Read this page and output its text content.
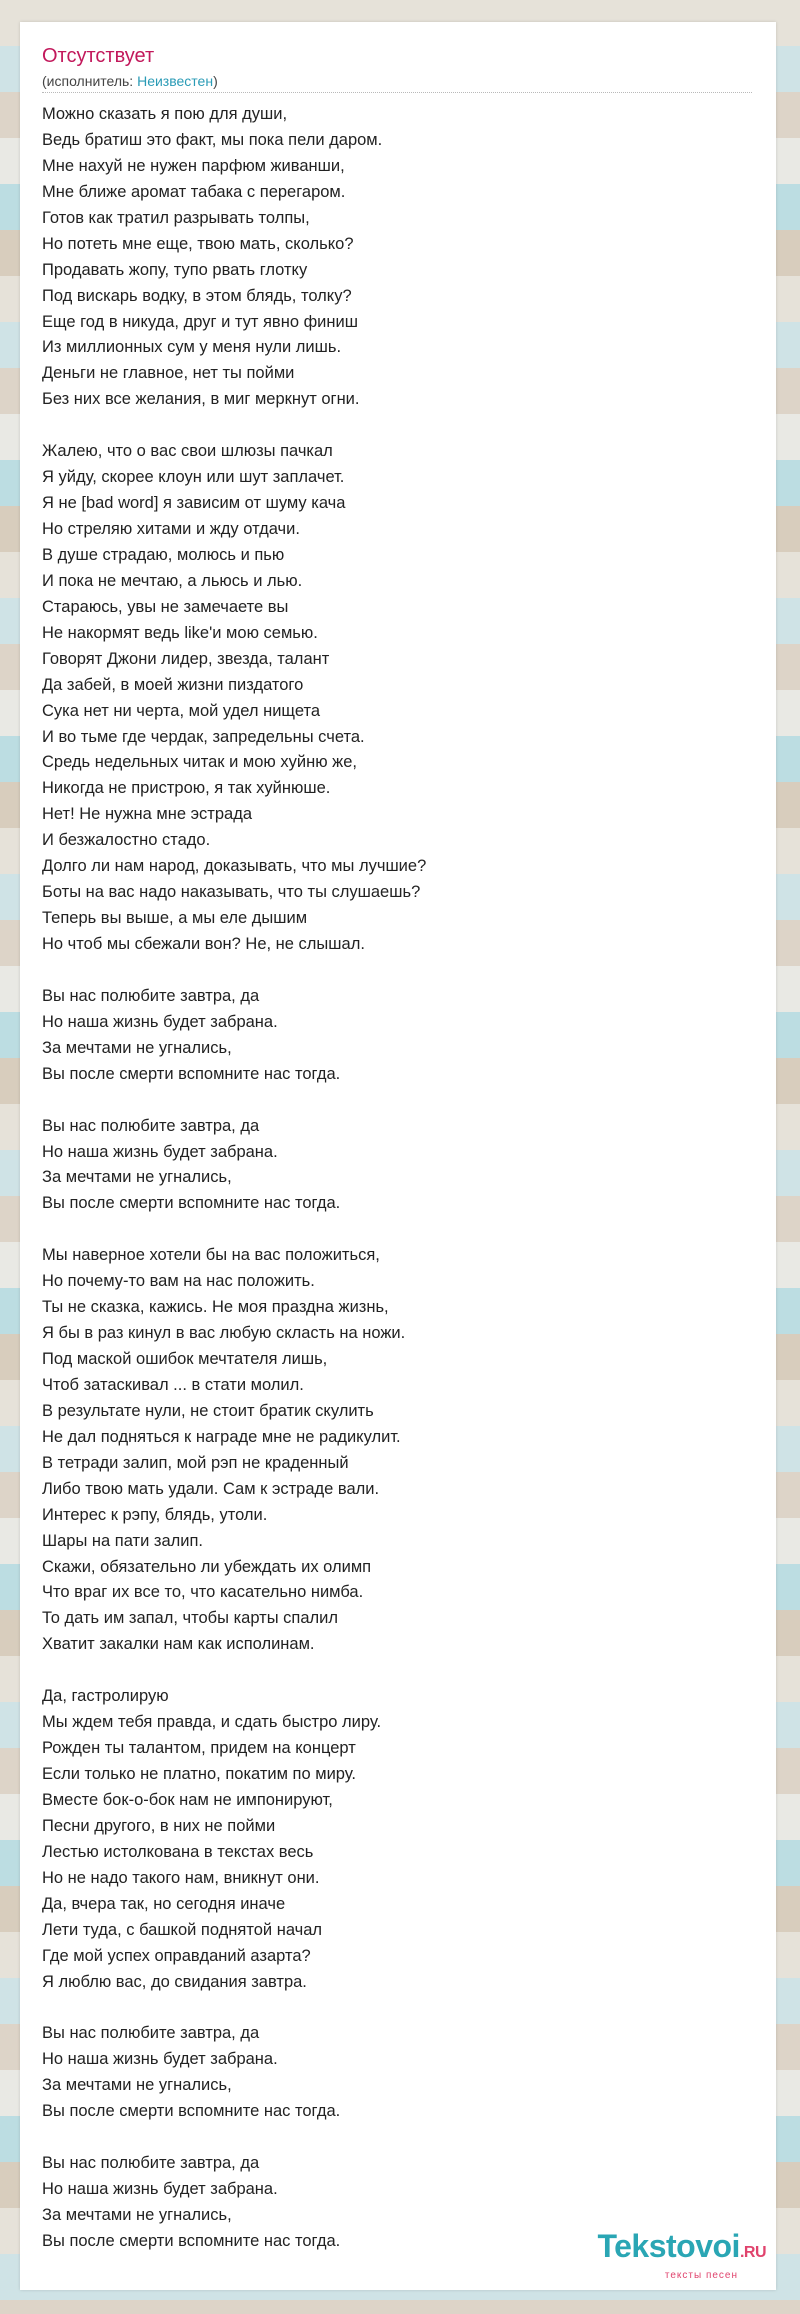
Отсутствует
(исполнитель: Неизвестен)
Можно сказать я пою для души,
Ведь братиш это факт, мы пока пели даром.
Мне нахуй не нужен парфюм живанши,
Мне ближе аромат табака с перегаром.
Готов как тратил разрывать толпы,
Но потеть мне еще, твою мать, сколько?
Продавать жопу, тупо рвать глотку
Под вискарь водку, в этом блядь, толку?
Еще год в никуда, друг и тут явно финиш
Из миллионных сум у меня нули лишь.
Деньги не главное, нет ты пойми
Без них все желания, в миг меркнут огни.
Жалею, что о вас свои шлюзы пачкал
Я уйду, скорее клоун или шут заплачет.
Я не [bad word] я зависим от шуму кача
Но стреляю хитами и жду отдачи.
В душе страдаю, молюсь и пью
И пока не мечтаю, а льюсь и лью.
Стараюсь, увы не замечаете вы
Не накормят ведь like'и мою семью.
Говорят Джони лидер, звезда, талант
Да забей, в моей жизни пиздатого
Сука нет ни черта, мой удел нищета
И во тьме где чердак, запредельны счета.
Средь недельных читак и мою хуйню же,
Никогда не пристрою, я так хуйнюше.
Нет! Не нужна мне эстрада
И безжалостно стадо.
Долго ли нам народ, доказывать, что мы лучшие?
Боты на вас надо наказывать, что ты слушаешь?
Теперь вы выше, а мы еле дышим
Но чтоб мы сбежали вон? Не, не слышал.
Вы нас полюбите завтра, да
Но наша жизнь будет забрана.
За мечтами не угнались,
Вы после смерти вспомните нас тогда.
Вы нас полюбите завтра, да
Но наша жизнь будет забрана.
За мечтами не угнались,
Вы после смерти вспомните нас тогда.
Мы наверное хотели бы на вас положиться,
Но почему-то вам на нас положить.
Ты не сказка, кажись. Не моя праздна жизнь,
Я бы в раз кинул в вас любую скласть на ножи.
Под маской ошибок мечтателя лишь,
Чтоб затаскивал ... в стати молил.
В результате нули, не стоит братик скулить
Не дал подняться к награде мне не радикулит.
В тетради залип, мой рэп не краденный
Либо твою мать удали. Сам к эстраде вали.
Интерес к рэпу, блядь, утоли.
Шары на пати залип.
Скажи, обязательно ли убеждать их олимп
Что враг их все то, что касательно нимба.
То дать им запал, чтобы карты спалил
Хватит закалки нам как исполинам.
Да, гастролирую
Мы ждем тебя правда, и сдать быстро лиру.
Рожден ты талантом, придем на концерт
Если только не платно, покатим по миру.
Вместе бок-о-бок нам не импонируют,
Песни другого, в них не пойми
Лестью истолкована в текстах весь
Но не надо такого нам, вникнут они.
Да, вчера так, но сегодня иначе
Лети туда, с башкой поднятой начал
Где мой успех оправданий азарта?
Я люблю вас, до свидания завтра.
Вы нас полюбите завтра, да
Но наша жизнь будет забрана.
За мечтами не угнались,
Вы после смерти вспомните нас тогда.
Вы нас полюбите завтра, да
Но наша жизнь будет забрана.
За мечтами не угнались,
Вы после смерти вспомните нас тогда.	Tekstovoi.RU
тексты песен
